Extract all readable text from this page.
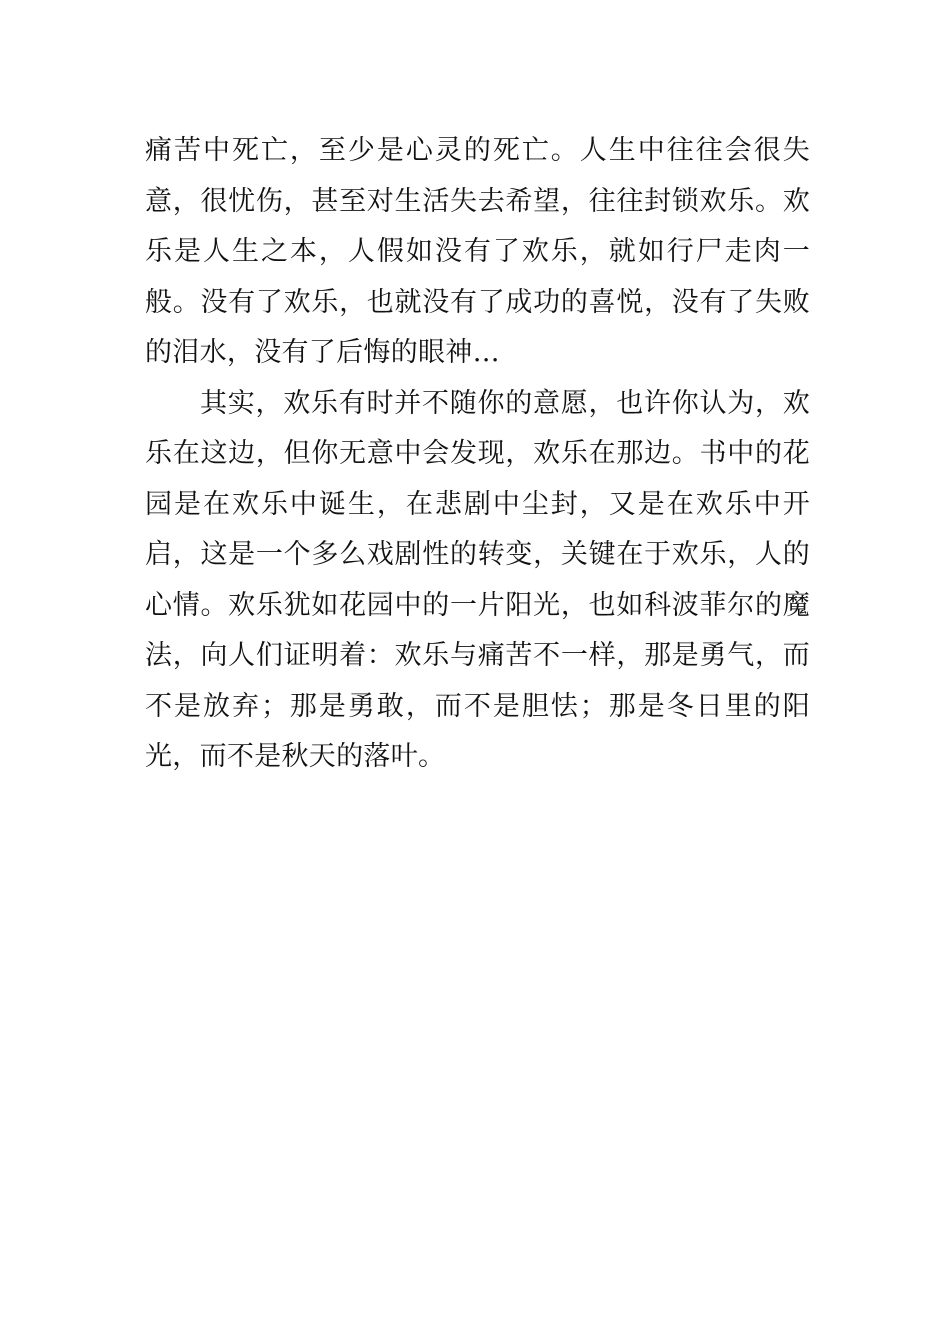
痛苦中死亡，至少是心灵的死亡。人生中往往会很失意，很忧伤，甚至对生活失去希望，往往封锁欢乐。欢乐是人生之本，人假如没有了欢乐，就如行尸走肉一般。没有了欢乐，也就没有了成功的喜悦，没有了失败的泪水，没有了后悔的眼神…

其实，欢乐有时并不随你的意愿，也许你认为，欢乐在这边，但你无意中会发现，欢乐在那边。书中的花园是在欢乐中诞生，在悲剧中尘封，又是在欢乐中开启，这是一个多么戏剧性的转变，关键在于欢乐，人的心情。欢乐犹如花园中的一片阳光，也如科波菲尔的魔法，向人们证明着：欢乐与痛苦不一样，那是勇气，而不是放弃；那是勇敢，而不是胆怯；那是冬日里的阳光，而不是秋天的落叶。
